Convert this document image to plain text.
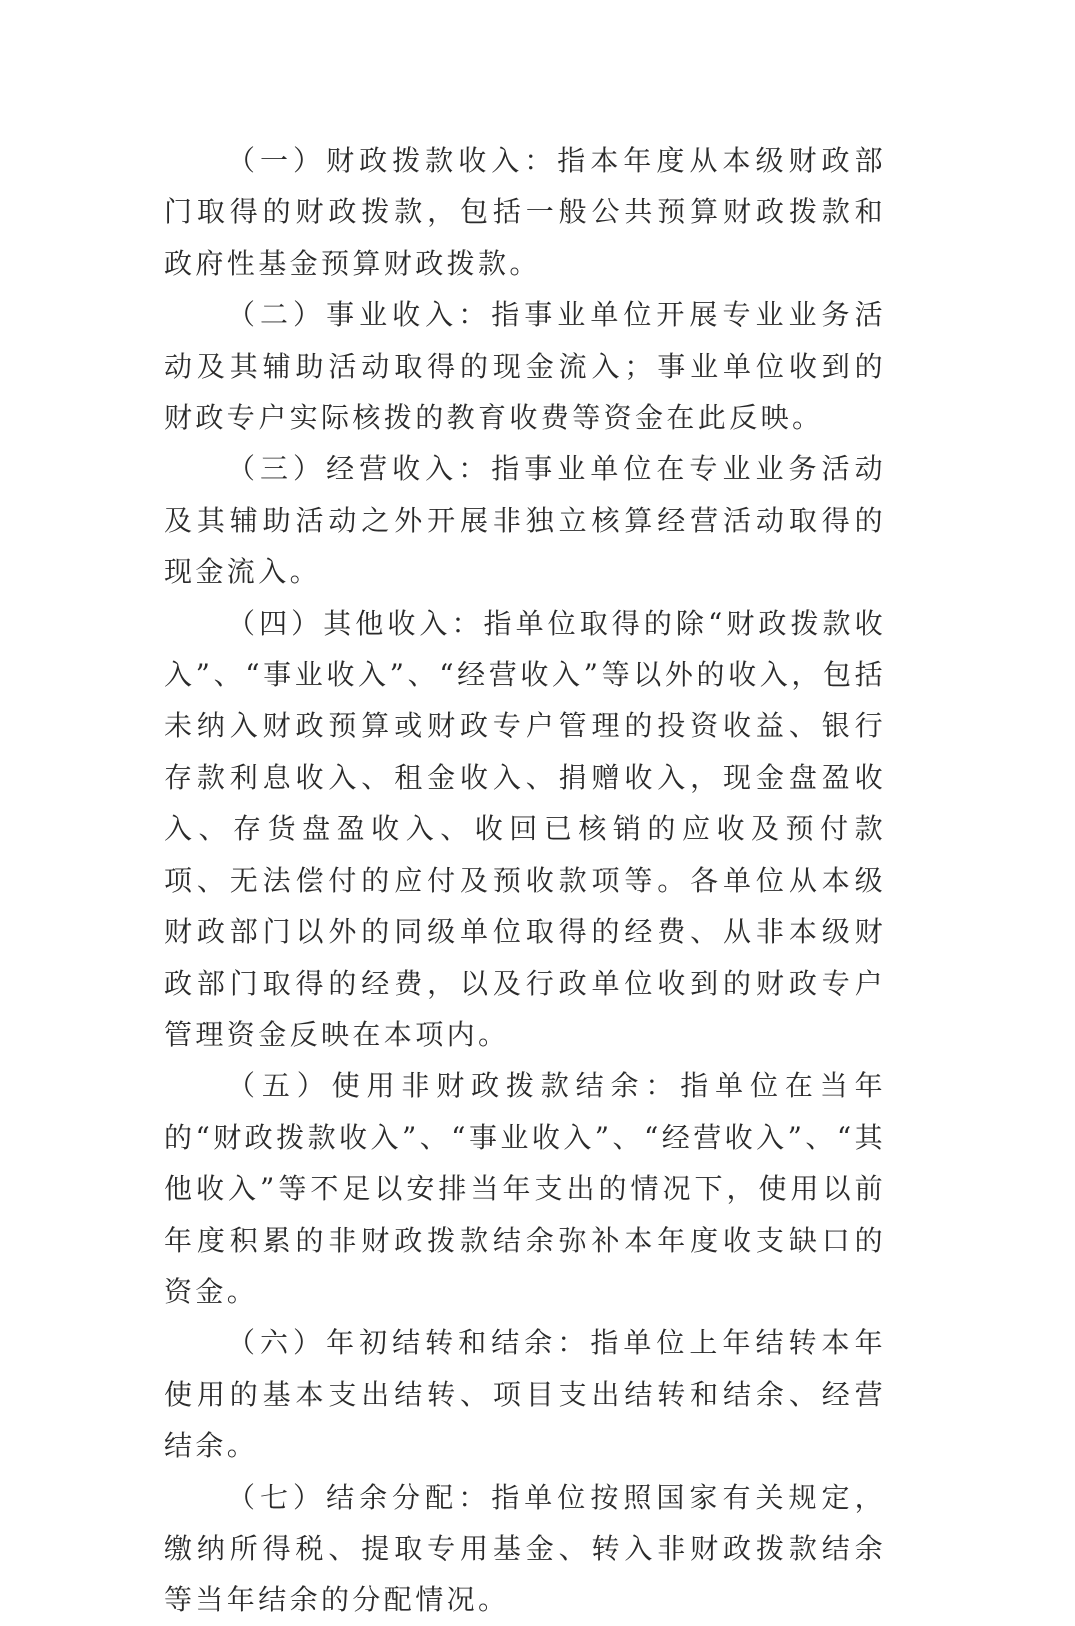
（一）财政拨款收入：指本年度从本级财政部门取得的财政拨款，包括一般公共预算财政拨款和政府性基金预算财政拨款。

（二）事业收入：指事业单位开展专业业务活动及其辅助活动取得的现金流入；事业单位收到的财政专户实际核拨的教育收费等资金在此反映。

（三）经营收入：指事业单位在专业业务活动及其辅助活动之外开展非独立核算经营活动取得的现金流入。

（四）其他收入：指单位取得的除“财政拨款收入”、“事业收入”、“经营收入”等以外的收入，包括未纳入财政预算或财政专户管理的投资收益、银行存款利息收入、租金收入、捐赠收入，现金盘盈收入、存货盘盈收入、收回已核销的应收及预付款项、无法偿付的应付及预收款项等。各单位从本级财政部门以外的同级单位取得的经费、从非本级财政部门取得的经费，以及行政单位收到的财政专户管理资金反映在本项内。

（五）使用非财政拨款结余：指单位在当年的“财政拨款收入”、“事业收入”、“经营收入”、“其他收入”等不足以安排当年支出的情况下，使用以前年度积累的非财政拨款结余弥补本年度收支缺口的资金。

（六）年初结转和结余：指单位上年结转本年使用的基本支出结转、项目支出结转和结余、经营结余。

（七）结余分配：指单位按照国家有关规定，缴纳所得税、提取专用基金、转入非财政拨款结余等当年结余的分配情况。
